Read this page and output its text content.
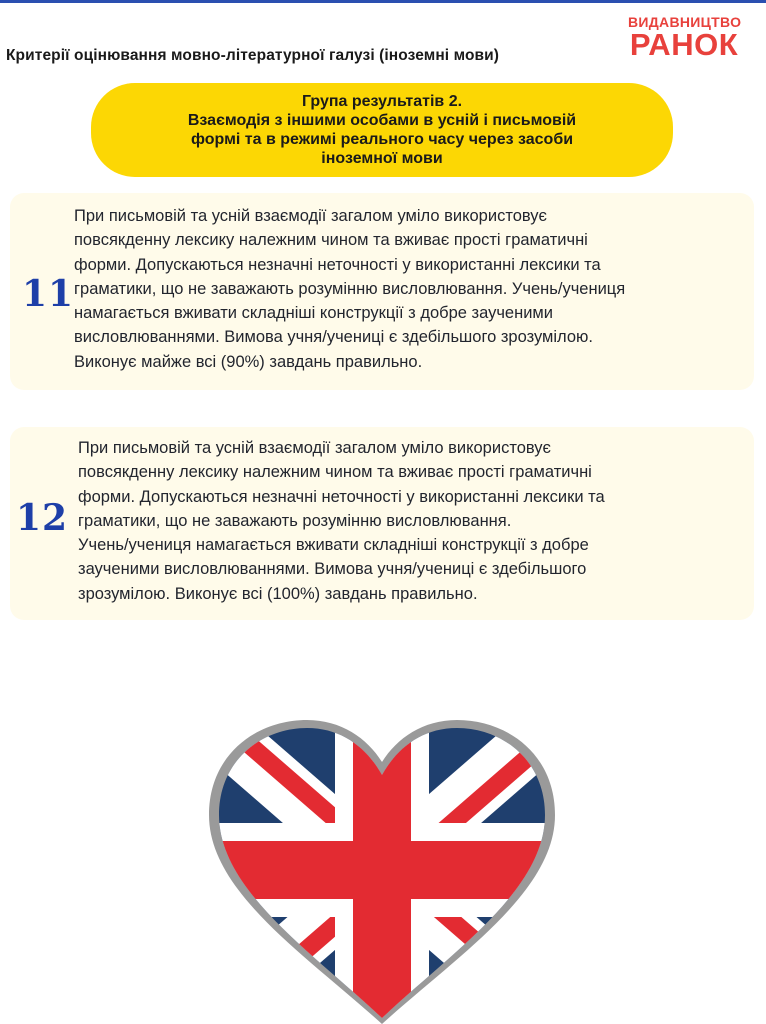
Критерії оцінювання мовно-літературної галузі (іноземні мови)
ВИДАВНИЦТВО
РАНОК
Група результатів 2.
Взаємодія з іншими особами в усній і письмовій
формі та в режимі реального часу через засоби
іноземної мови
11
При письмовій та усній взаємодії загалом уміло використовує
повсякденну лексику належним чином та вживає прості граматичні
форми. Допускаються незначні неточності у використанні лексики та
граматики, що не заважають розумінню висловлювання. Учень/учениця
намагається вживати складніші конструкції з добре заученими
висловлюваннями. Вимова учня/учениці є здебільшого зрозумілою.
Виконує майже всі (90%) завдань правильно.
12
При письмовій та усній взаємодії загалом уміло використовує
повсякденну лексику належним чином та вживає прості граматичні
форми. Допускаються незначні неточності у використанні лексики та
граматики, що не заважають розумінню висловлювання.
Учень/учениця намагається вживати складніші конструкції з добре
заученими висловлюваннями. Вимова учня/учениці є здебільшого
зрозумілою. Виконує всі (100%) завдань правильно.
